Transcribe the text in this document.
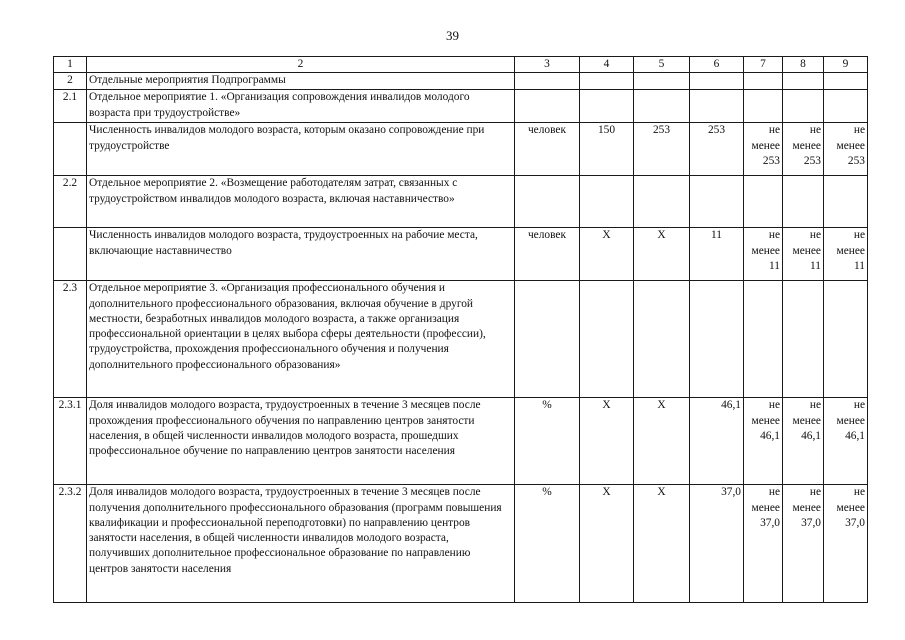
39
1	2	3	4	5	6	7	8	9
2	Отдельные мероприятия Подпрограммы							
2.1	Отдельное мероприятие 1. «Организация сопровождения инвалидов молодого возраста при трудоустройстве»							
	Численность инвалидов молодого возраста, которым оказано сопровождение при трудоустройстве	человек	150	253	253	не менее 253	не менее 253	не менее 253
2.2	Отдельное мероприятие 2. «Возмещение работодателям затрат, связанных с трудоустройством инвалидов молодого возраста, включая наставничество»							
	Численность инвалидов молодого возраста, трудоустроенных на рабочие места, включающие наставничество	человек	Х	Х	11	не менее 11	не менее 11	не менее 11
2.3	Отдельное мероприятие 3. «Организация профессионального обучения и дополнительного профессионального образования, включая обучение в другой местности, безработных инвалидов молодого возраста, а также организация профессиональной ориентации в целях выбора сферы деятельности (профессии), трудоустройства, прохождения профессионального обучения и получения дополнительного профессионального образования»							
2.3.1	Доля инвалидов молодого возраста, трудоустроенных в течение 3 месяцев после прохождения профессионального обучения по направлению центров занятости населения, в общей численности инвалидов молодого возраста, прошедших профессиональное обучение по направлению центров занятости населения	%	Х	Х	46,1	не менее 46,1	не менее 46,1	не менее 46,1
2.3.2	Доля инвалидов молодого возраста, трудоустроенных в течение 3 месяцев после получения дополнительного профессионального образования (программ повышения квалификации и профессиональной переподготовки) по направлению центров занятости населения, в общей численности инвалидов молодого возраста, получивших дополнительное профессиональное образование по направлению центров занятости населения	%	Х	Х	37,0	не менее 37,0	не менее 37,0	не менее 37,0
